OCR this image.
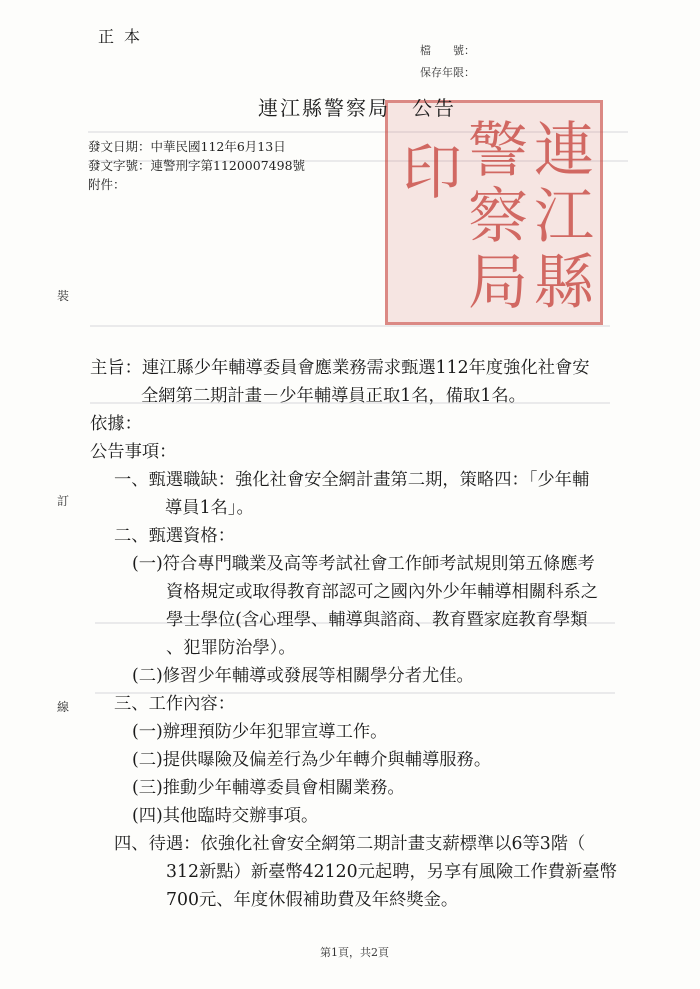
正本
檔　　號：
保存年限：
連
江
縣
警
察
局
印
連江縣警察局　公告
發文日期：中華民國112年6月13日
發文字號：連警刑字第1120007498號
附件：
裝
訂
線
主旨：連江縣少年輔導委員會應業務需求甄選112年度強化社會安
全網第二期計畫－少年輔導員正取1名，備取1名。
依據：
公告事項：
一、甄選職缺：強化社會安全網計畫第二期，策略四：「少年輔
導員1名」。
二、甄選資格：
(一)符合專門職業及高等考試社會工作師考試規則第五條應考
資格規定或取得教育部認可之國內外少年輔導相關科系之
學士學位(含心理學、輔導與諮商、教育暨家庭教育學類
、犯罪防治學）。
(二)修習少年輔導或發展等相關學分者尤佳。
三、工作內容：
(一)辦理預防少年犯罪宣導工作。
(二)提供曝險及偏差行為少年轉介與輔導服務。
(三)推動少年輔導委員會相關業務。
(四)其他臨時交辦事項。
四、待遇：依強化社會安全網第二期計畫支薪標準以6等3階（
312新點）新臺幣42120元起聘，另享有風險工作費新臺幣
700元、年度休假補助費及年終獎金。
第1頁，共2頁
